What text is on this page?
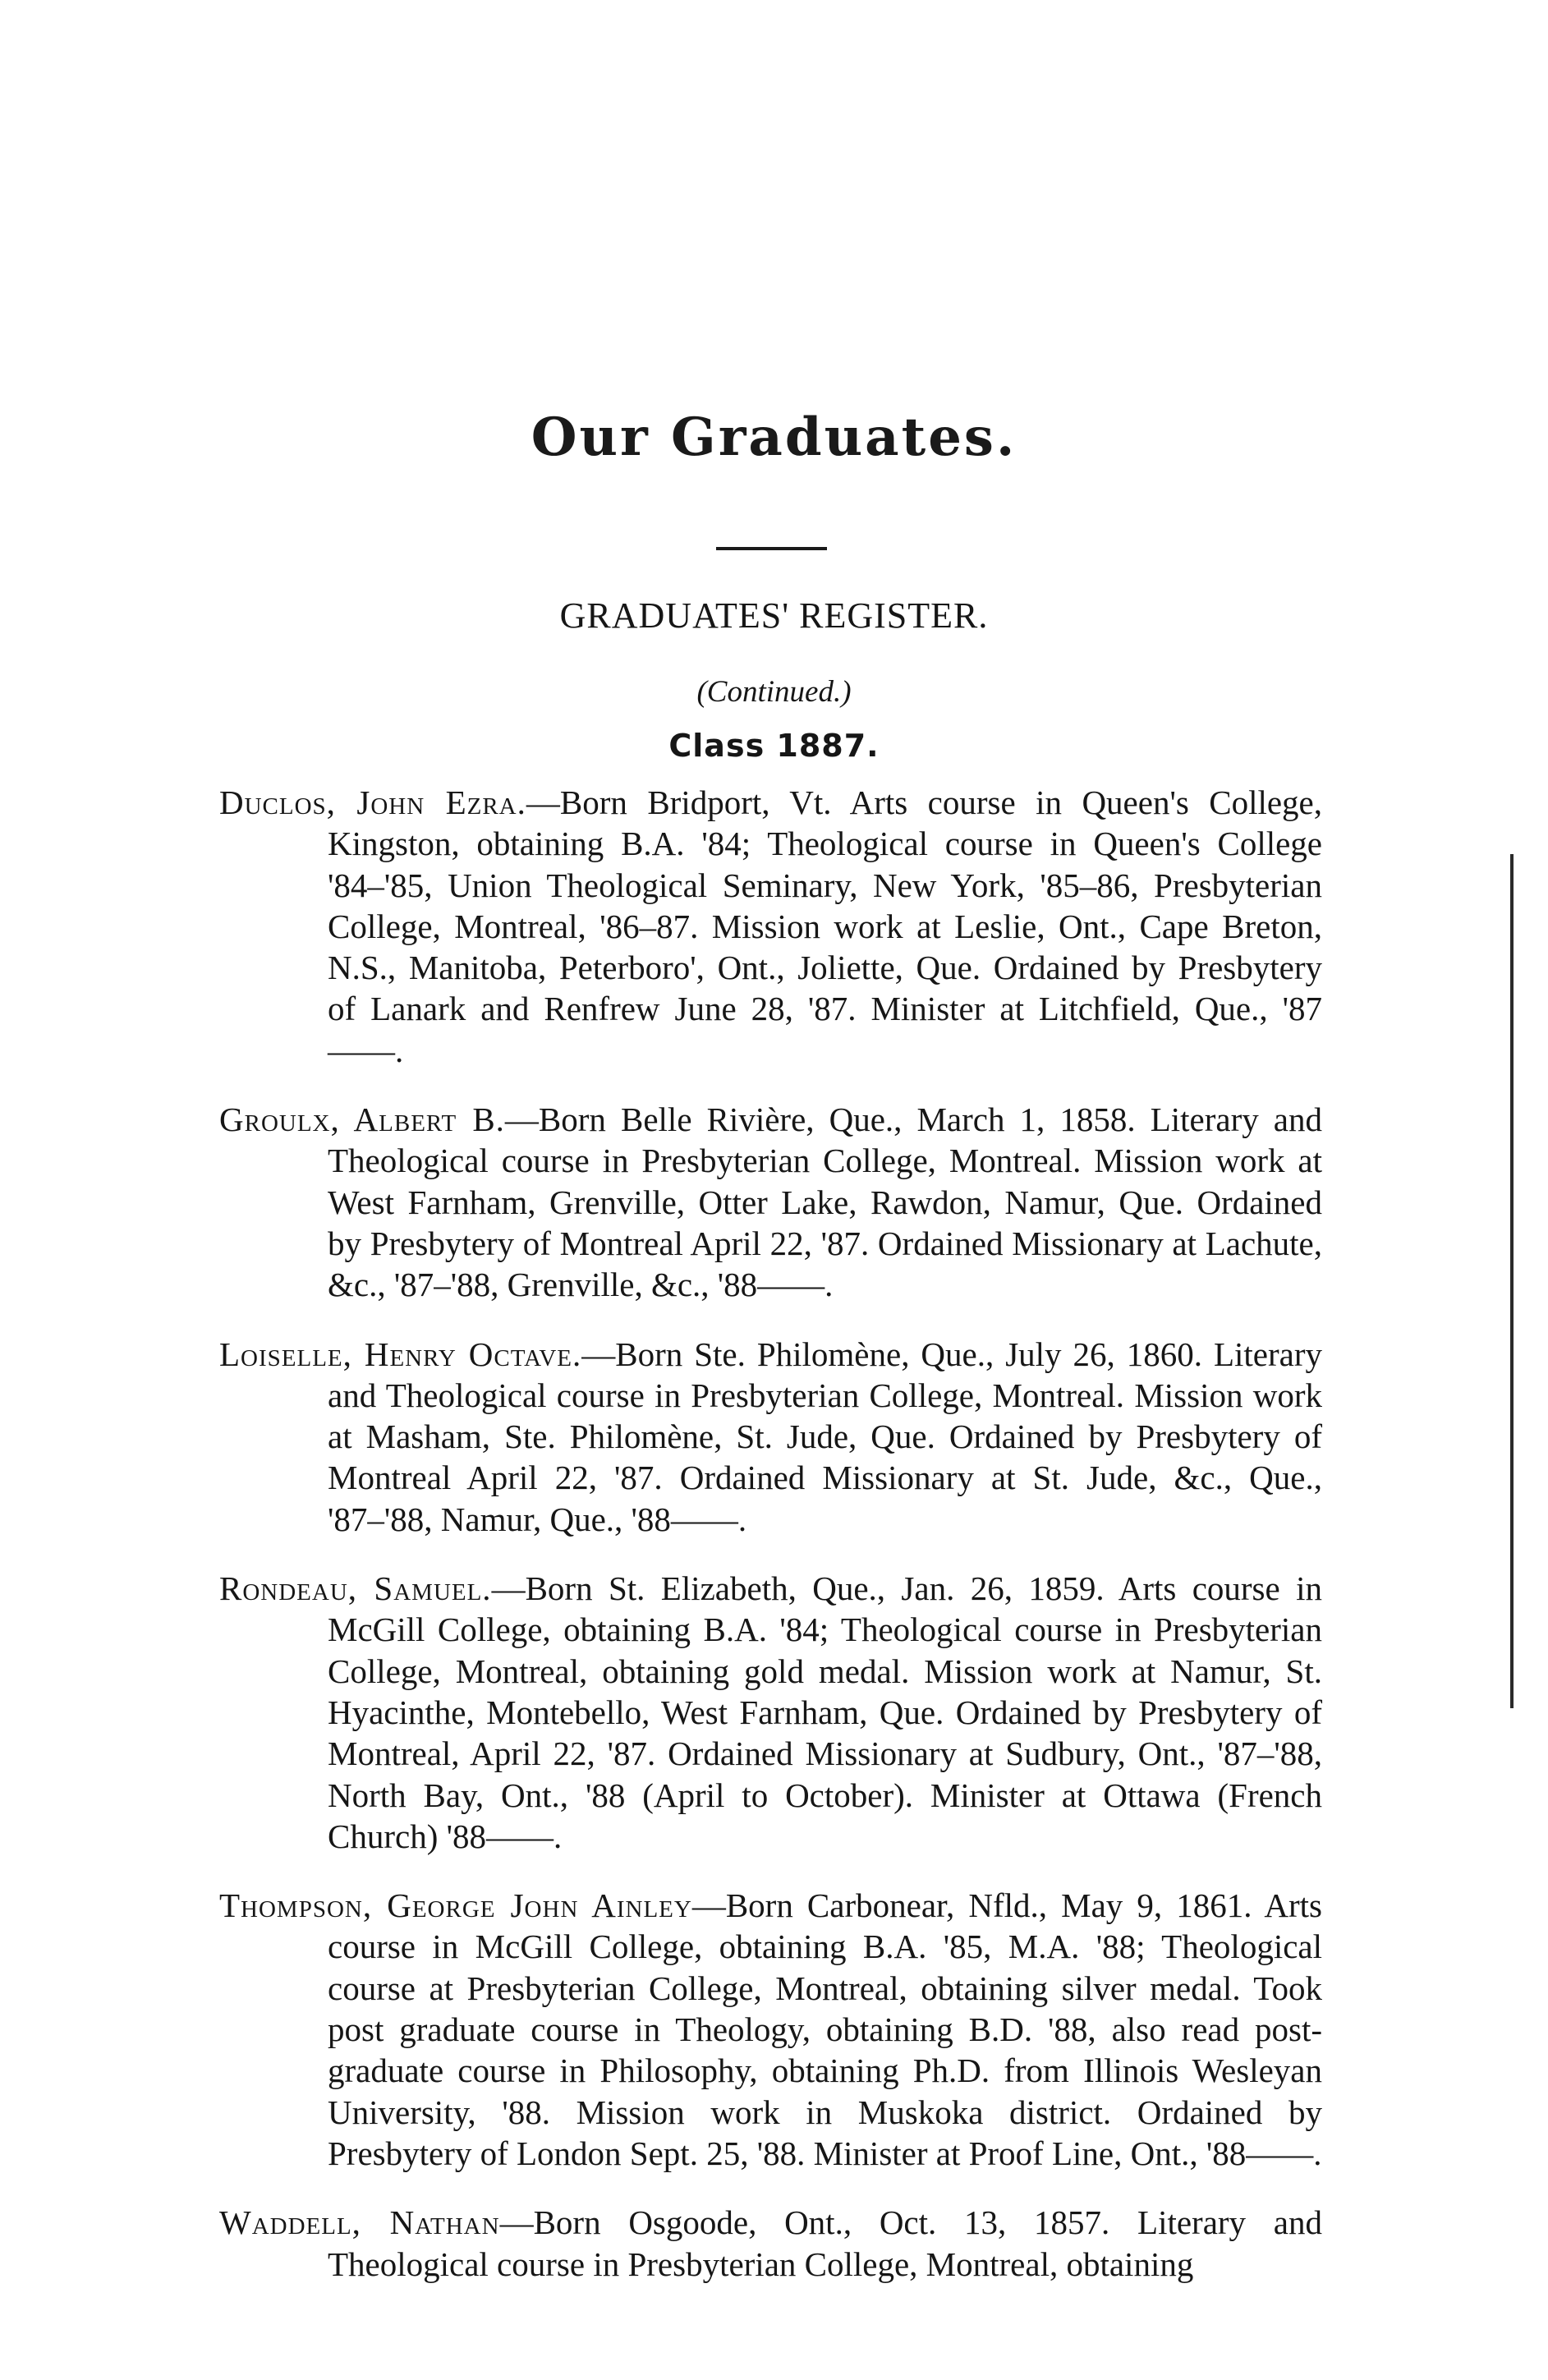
Our Graduates.
GRADUATES' REGISTER.
(Continued.)
Class 1887.
Duclos, John Ezra.—Born Bridport, Vt. Arts course in Queen's College, Kingston, obtaining B.A. '84; Theological course in Queen's College '84–'85, Union Theological Seminary, New York, '85–86, Presbyterian College, Montreal, '86–87. Mission work at Leslie, Ont., Cape Breton, N.S., Manitoba, Peterboro', Ont., Joliette, Que. Ordained by Presbytery of Lanark and Renfrew June 28, '87. Minister at Litchfield, Que., '87——.
Groulx, Albert B.—Born Belle Rivière, Que., March 1, 1858. Literary and Theological course in Presbyterian College, Montreal. Mission work at West Farnham, Grenville, Otter Lake, Rawdon, Namur, Que. Ordained by Presbytery of Montreal April 22, '87. Ordained Missionary at Lachute, &c., '87–'88, Grenville, &c., '88——.
Loiselle, Henry Octave.—Born Ste. Philomène, Que., July 26, 1860. Literary and Theological course in Presbyterian College, Montreal. Mission work at Masham, Ste. Philomène, St. Jude, Que. Ordained by Presbytery of Montreal April 22, '87. Ordained Missionary at St. Jude, &c., Que., '87–'88, Namur, Que., '88——.
Rondeau, Samuel.—Born St. Elizabeth, Que., Jan. 26, 1859. Arts course in McGill College, obtaining B.A. '84; Theological course in Presbyterian College, Montreal, obtaining gold medal. Mission work at Namur, St. Hyacinthe, Montebello, West Farnham, Que. Ordained by Presbytery of Montreal, April 22, '87. Ordained Missionary at Sudbury, Ont., '87–'88, North Bay, Ont., '88 (April to October). Minister at Ottawa (French Church) '88——.
Thompson, George John Ainley—Born Carbonear, Nfld., May 9, 1861. Arts course in McGill College, obtaining B.A. '85, M.A. '88; Theological course at Presbyterian College, Montreal, obtaining silver medal. Took post graduate course in Theology, obtaining B.D. '88, also read post-graduate course in Philosophy, obtaining Ph.D. from Illinois Wesleyan University, '88. Mission work in Muskoka district. Ordained by Presbytery of London Sept. 25, '88. Minister at Proof Line, Ont., '88——.
Waddell, Nathan—Born Osgoode, Ont., Oct. 13, 1857. Literary and Theological course in Presbyterian College, Montreal, obtaining
